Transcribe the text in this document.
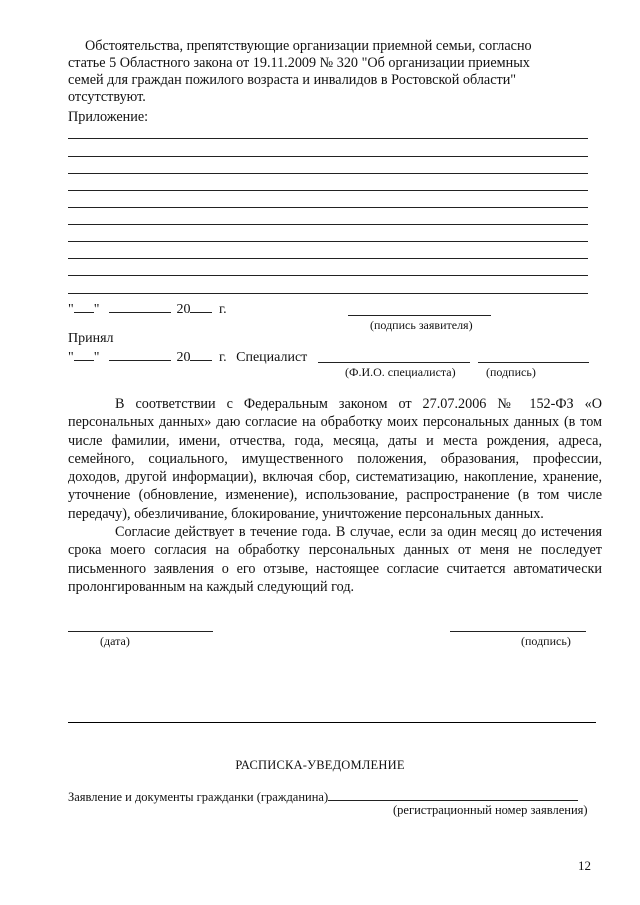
Обстоятельства, препятствующие организации приемной семьи, согласно
статье 5 Областного закона от 19.11.2009 № 320 "Об организации приемных
семей для граждан пожилого возраста и инвалидов в Ростовской области"
отсутствуют.
Приложение:
" "	20 г.
(подпись заявителя)
Принял
" "	20 г. Специалист
(Ф.И.О. специалиста)	(подпись)

В соответствии с Федеральным законом от 27.07.2006 № 152-ФЗ «О персональных данных» даю согласие на обработку моих персональных данных (в том числе фамилии, имени, отчества, года, месяца, даты и места рождения, адреса, семейного, социального, имущественного положения, образования, профессии, доходов, другой информации), включая сбор, систематизацию, накопление, хранение, уточнение (обновление, изменение), использование, распространение (в том числе передачу), обезличивание, блокирование, уничтожение персональных данных.

Согласие действует в течение года. В случае, если за один месяц до истечения срока моего согласия на обработку персональных данных от меня не последует письменного заявления о его отзыве, настоящее согласие считается автоматически пролонгированным на каждый следующий год.

(дата)	(подпись)
РАСПИСКА-УВЕДОМЛЕНИЕ
Заявление и документы гражданки (гражданина)
(регистрационный номер заявления)
12
